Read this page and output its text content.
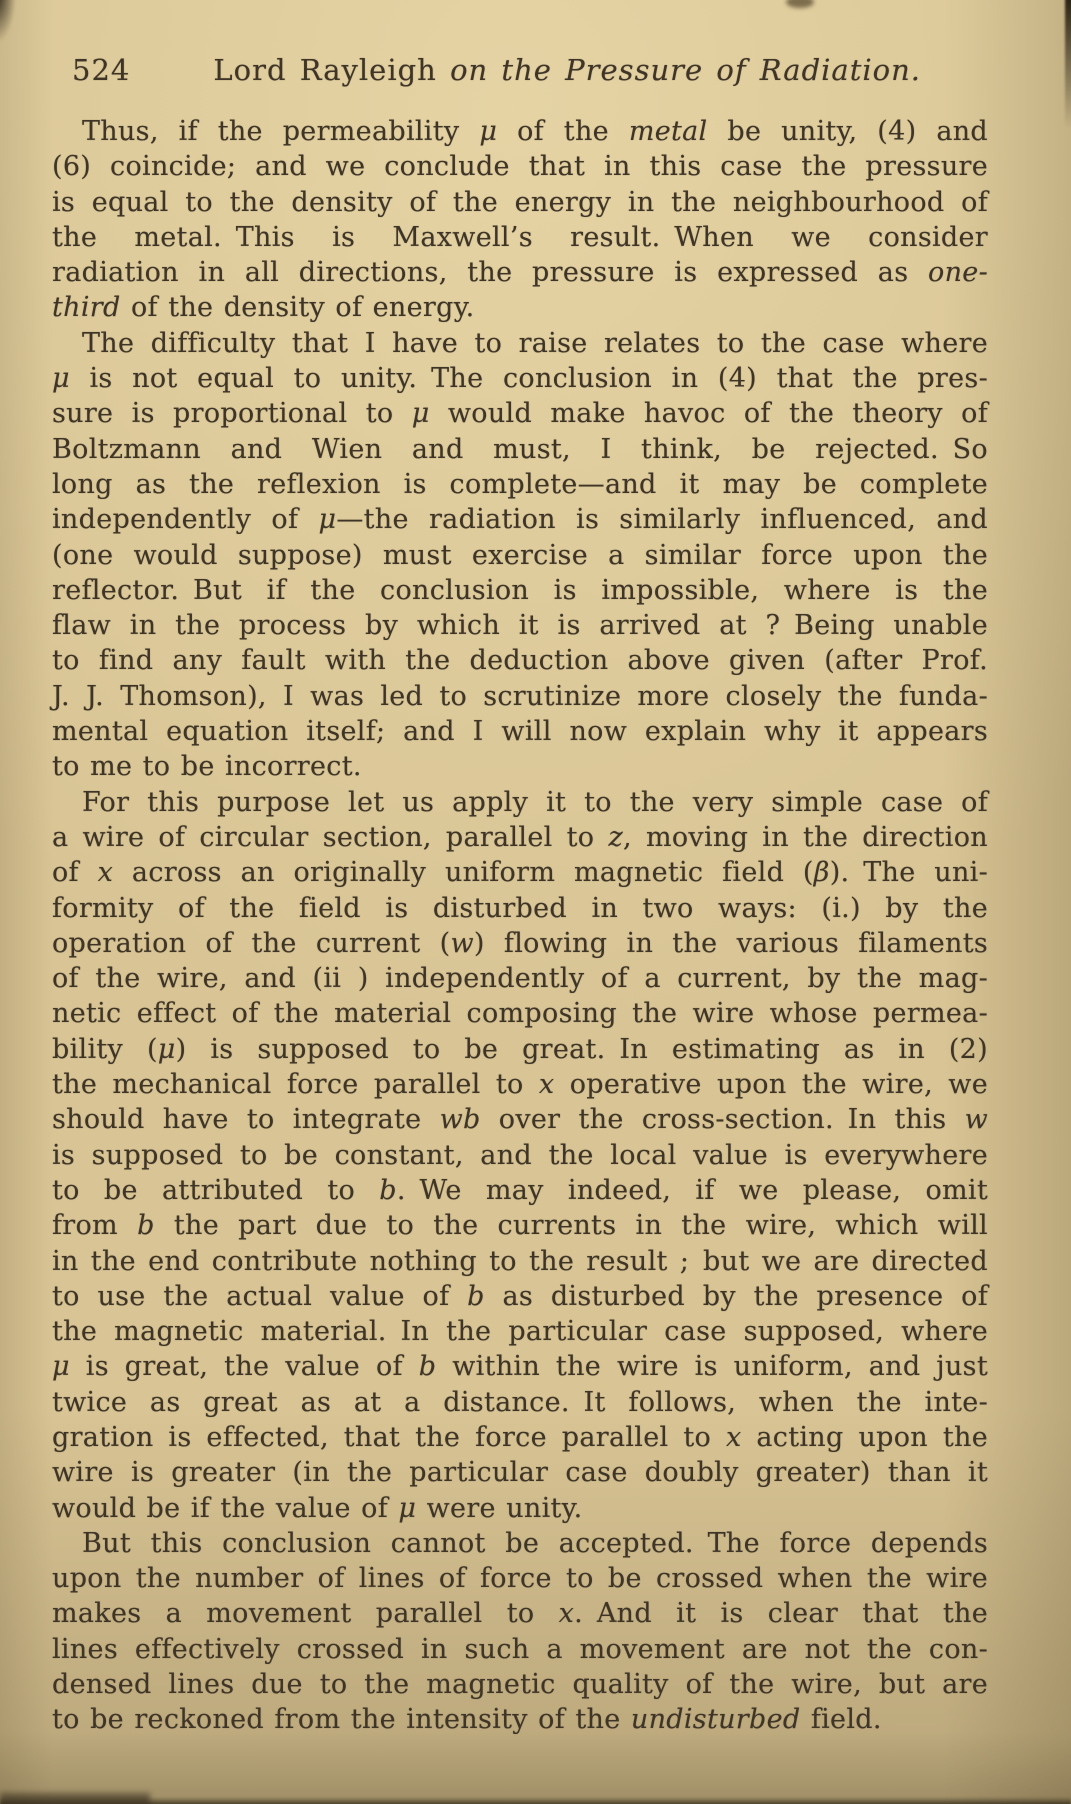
524	Lord Rayleigh on the Pressure of Radiation.
Thus, if the permeability μ of the metal be unity, (4) and
(6) coincide; and we conclude that in this case the pressure
is equal to the density of the energy in the neighbourhood of
the metal. This is Maxwell’s result. When we consider
radiation in all directions, the pressure is expressed as one-
third of the density of energy.
The difficulty that I have to raise relates to the case where
μ is not equal to unity. The conclusion in (4) that the pres-
sure is proportional to μ would make havoc of the theory of
Boltzmann and Wien and must, I think, be rejected. So
long as the reflexion is complete—and it may be complete
independently of μ—the radiation is similarly influenced, and
(one would suppose) must exercise a similar force upon the
reflector. But if the conclusion is impossible, where is the
flaw in the process by which it is arrived at ? Being unable
to find any fault with the deduction above given (after Prof.
J. J. Thomson), I was led to scrutinize more closely the funda-
mental equation itself; and I will now explain why it appears
to me to be incorrect.
For this purpose let us apply it to the very simple case of
a wire of circular section, parallel to z, moving in the direction
of x across an originally uniform magnetic field (β). The uni-
formity of the field is disturbed in two ways: (i.) by the
operation of the current (w) flowing in the various filaments
of the wire, and (ii ) independently of a current, by the mag-
netic effect of the material composing the wire whose permea-
bility (μ) is supposed to be great. In estimating as in (2)
the mechanical force parallel to x operative upon the wire, we
should have to integrate wb over the cross-section. In this w
is supposed to be constant, and the local value is everywhere
to be attributed to b. We may indeed, if we please, omit
from b the part due to the currents in the wire, which will
in the end contribute nothing to the result ; but we are directed
to use the actual value of b as disturbed by the presence of
the magnetic material. In the particular case supposed, where
μ is great, the value of b within the wire is uniform, and just
twice as great as at a distance. It follows, when the inte-
gration is effected, that the force parallel to x acting upon the
wire is greater (in the particular case doubly greater) than it
would be if the value of μ were unity.
But this conclusion cannot be accepted. The force depends
upon the number of lines of force to be crossed when the wire
makes a movement parallel to x. And it is clear that the
lines effectively crossed in such a movement are not the con-
densed lines due to the magnetic quality of the wire, but are
to be reckoned from the intensity of the undisturbed field.
